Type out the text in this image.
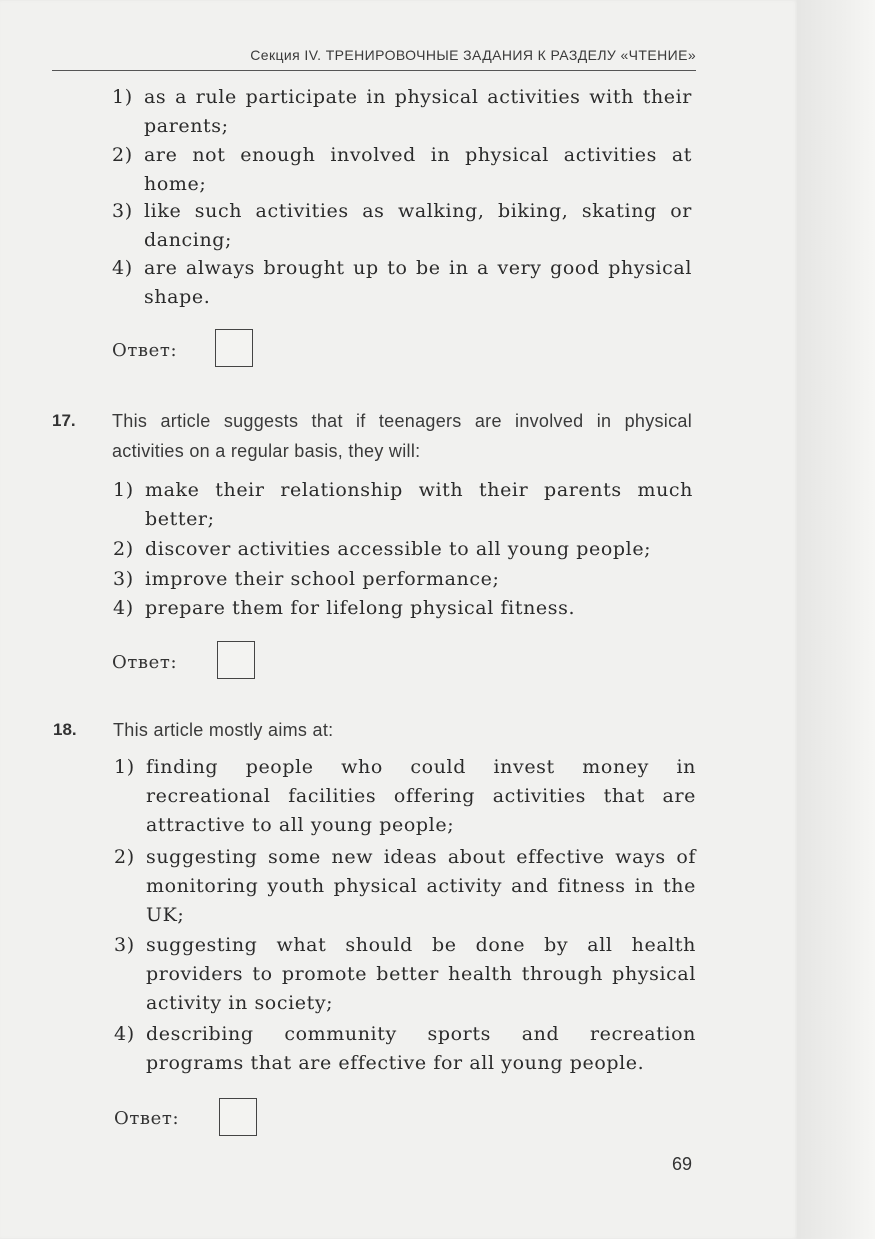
Секция IV. ТРЕНИРОВОЧНЫЕ ЗАДАНИЯ К РАЗДЕЛУ «ЧТЕНИЕ»
1) as a rule participate in physical activities with their parents;
2) are not enough involved in physical activities at home;
3) like such activities as walking, biking, skating or dancing;
4) are always brought up to be in a very good physical shape.
Ответ:
17. This article suggests that if teenagers are involved in physical activities on a regular basis, they will:
1) make their relationship with their parents much better;
2) discover activities accessible to all young people;
3) improve their school performance;
4) prepare them for lifelong physical fitness.
Ответ:
18. This article mostly aims at:
1) finding people who could invest money in recreational facilities offering activities that are attractive to all young people;
2) suggesting some new ideas about effective ways of monitoring youth physical activity and fitness in the UK;
3) suggesting what should be done by all health providers to promote better health through physical activity in society;
4) describing community sports and recreation programs that are effective for all young people.
Ответ:
69
